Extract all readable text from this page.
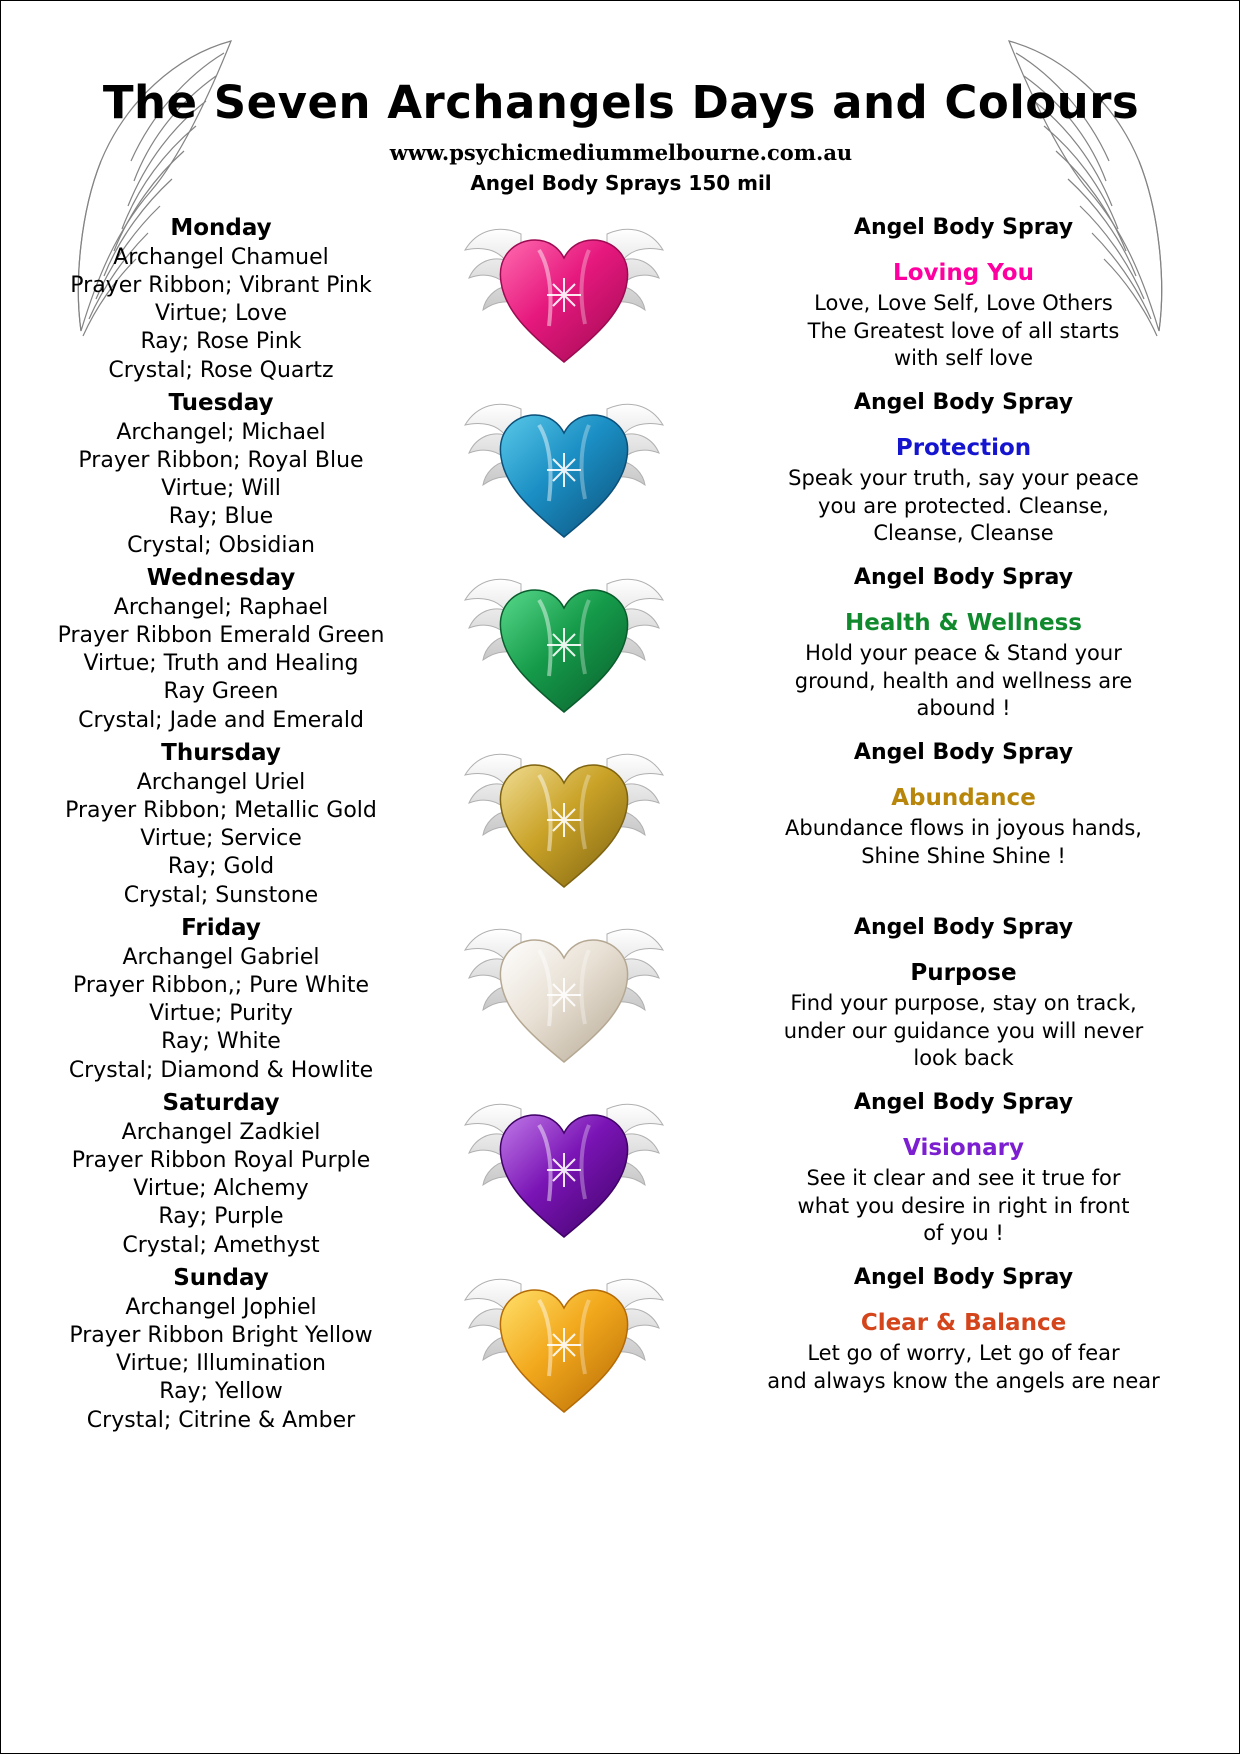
The Seven Archangels Days and Colours
www.psychicmediummelbourne.com.au
Angel Body Sprays 150 mil
Monday
Archangel Chamuel
Prayer Ribbon; Vibrant Pink
Virtue; Love
Ray; Rose Pink
Crystal; Rose Quartz
Angel Body Spray
Loving You
Love, Love Self, Love Others
The Greatest love of all starts
with self love
Tuesday
Archangel; Michael
Prayer Ribbon; Royal Blue
Virtue; Will
Ray; Blue
Crystal; Obsidian
Angel Body Spray
Protection
Speak your truth, say your peace
you are protected. Cleanse,
Cleanse, Cleanse
Wednesday
Archangel; Raphael
Prayer Ribbon Emerald Green
Virtue; Truth and Healing
Ray Green
Crystal; Jade and Emerald
Angel Body Spray
Health & Wellness
Hold your peace & Stand your
ground, health and wellness are
abound !
Thursday
Archangel Uriel
Prayer Ribbon; Metallic Gold
Virtue; Service
Ray; Gold
Crystal; Sunstone
Angel Body Spray
Abundance
Abundance flows in joyous hands,
Shine Shine Shine !
Friday
Archangel Gabriel
Prayer Ribbon,; Pure White
Virtue; Purity
Ray; White
Crystal; Diamond & Howlite
Angel Body Spray
Purpose
Find your purpose, stay on track,
under our guidance you will never
look back
Saturday
Archangel Zadkiel
Prayer Ribbon Royal Purple
Virtue; Alchemy
Ray; Purple
Crystal; Amethyst
Angel Body Spray
Visionary
See it clear and see it true for
what you desire in right in front
of you !
Sunday
Archangel Jophiel
Prayer Ribbon Bright Yellow
Virtue; Illumination
Ray; Yellow
Crystal; Citrine & Amber
Angel Body Spray
Clear & Balance
Let go of worry, Let go of fear
and always know the angels are near
